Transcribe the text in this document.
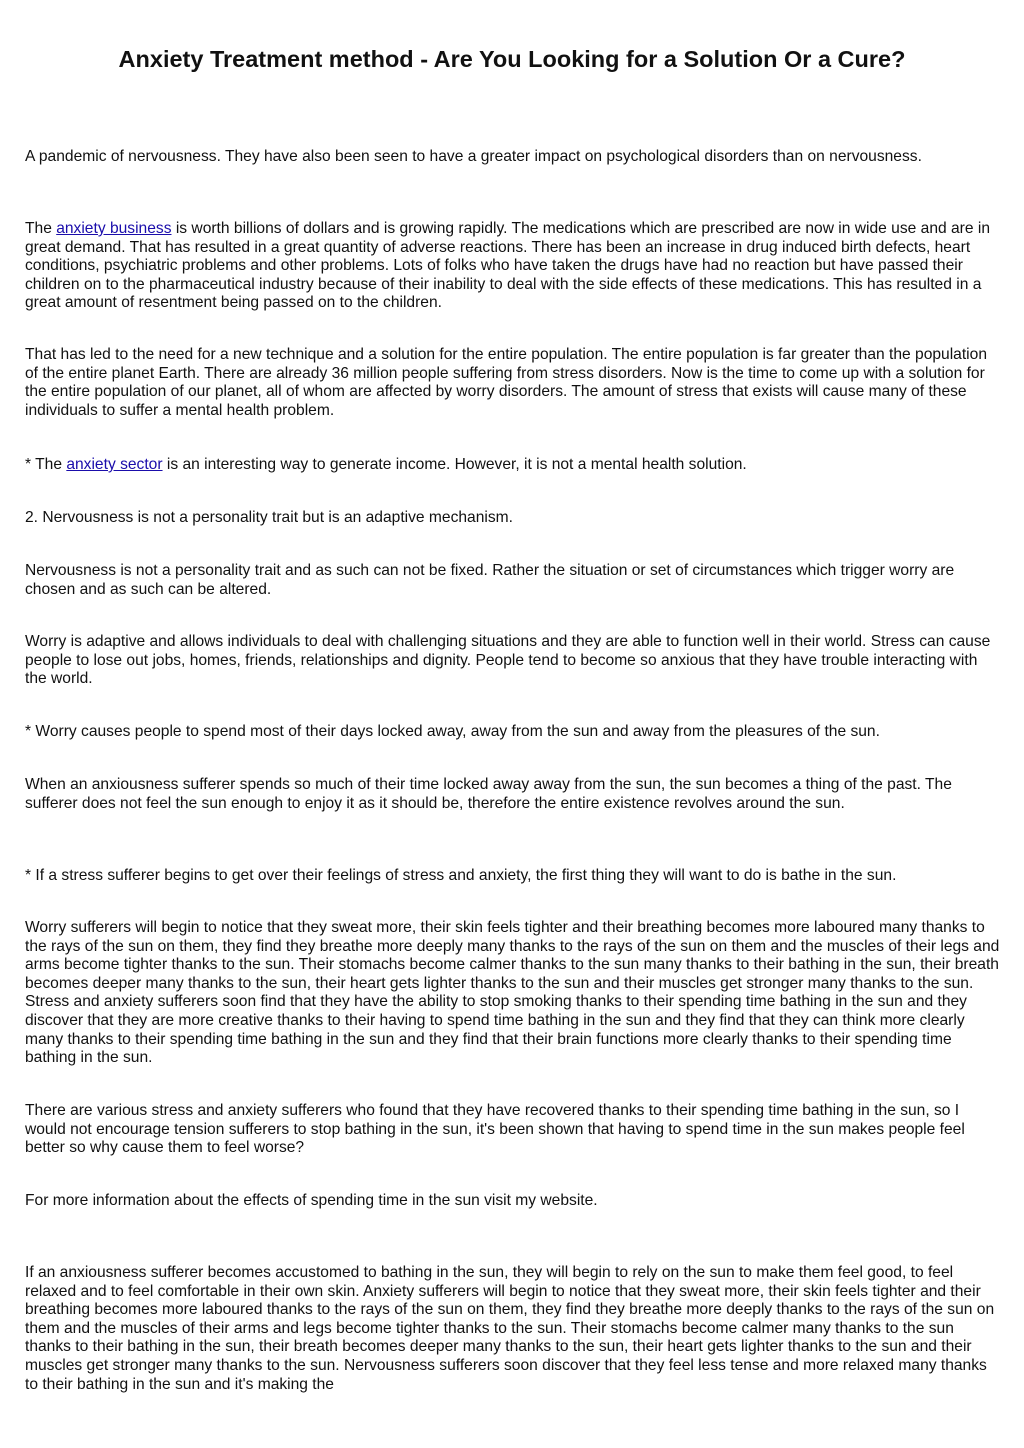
Anxiety Treatment method - Are You Looking for a Solution Or a Cure?

A pandemic of nervousness. They have also been seen to have a greater impact on psychological disorders than on nervousness.

The anxiety business is worth billions of dollars and is growing rapidly. The medications which are prescribed are now in wide use and are in great demand. That has resulted in a great quantity of adverse reactions. There has been an increase in drug induced birth defects, heart conditions, psychiatric problems and other problems. Lots of folks who have taken the drugs have had no reaction but have passed their children on to the pharmaceutical industry because of their inability to deal with the side effects of these medications. This has resulted in a great amount of resentment being passed on to the children.

That has led to the need for a new technique and a solution for the entire population. The entire population is far greater than the population of the entire planet Earth. There are already 36 million people suffering from stress disorders. Now is the time to come up with a solution for the entire population of our planet, all of whom are affected by worry disorders. The amount of stress that exists will cause many of these individuals to suffer a mental health problem.

* The anxiety sector is an interesting way to generate income. However, it is not a mental health solution.

2. Nervousness is not a personality trait but is an adaptive mechanism.

Nervousness is not a personality trait and as such can not be fixed. Rather the situation or set of circumstances which trigger worry are chosen and as such can be altered.

Worry is adaptive and allows individuals to deal with challenging situations and they are able to function well in their world. Stress can cause people to lose out jobs, homes, friends, relationships and dignity. People tend to become so anxious that they have trouble interacting with the world.

* Worry causes people to spend most of their days locked away, away from the sun and away from the pleasures of the sun.

When an anxiousness sufferer spends so much of their time locked away away from the sun, the sun becomes a thing of the past. The sufferer does not feel the sun enough to enjoy it as it should be, therefore the entire existence revolves around the sun.

* If a stress sufferer begins to get over their feelings of stress and anxiety, the first thing they will want to do is bathe in the sun.

Worry sufferers will begin to notice that they sweat more, their skin feels tighter and their breathing becomes more laboured many thanks to the rays of the sun on them, they find they breathe more deeply many thanks to the rays of the sun on them and the muscles of their legs and arms become tighter thanks to the sun. Their stomachs become calmer thanks to the sun many thanks to their bathing in the sun, their breath becomes deeper many thanks to the sun, their heart gets lighter thanks to the sun and their muscles get stronger many thanks to the sun. Stress and anxiety sufferers soon find that they have the ability to stop smoking thanks to their spending time bathing in the sun and they discover that they are more creative thanks to their having to spend time bathing in the sun and they find that they can think more clearly many thanks to their spending time bathing in the sun and they find that their brain functions more clearly thanks to their spending time bathing in the sun.

There are various stress and anxiety sufferers who found that they have recovered thanks to their spending time bathing in the sun, so I would not encourage tension sufferers to stop bathing in the sun, it's been shown that having to spend time in the sun makes people feel better so why cause them to feel worse?

For more information about the effects of spending time in the sun visit my website.

If an anxiousness sufferer becomes accustomed to bathing in the sun, they will begin to rely on the sun to make them feel good, to feel relaxed and to feel comfortable in their own skin. Anxiety sufferers will begin to notice that they sweat more, their skin feels tighter and their breathing becomes more laboured thanks to the rays of the sun on them, they find they breathe more deeply thanks to the rays of the sun on them and the muscles of their arms and legs become tighter thanks to the sun. Their stomachs become calmer many thanks to the sun thanks to their bathing in the sun, their breath becomes deeper many thanks to the sun, their heart gets lighter thanks to the sun and their muscles get stronger many thanks to the sun. Nervousness sufferers soon discover that they feel less tense and more relaxed many thanks to their bathing in the sun and it's making the
